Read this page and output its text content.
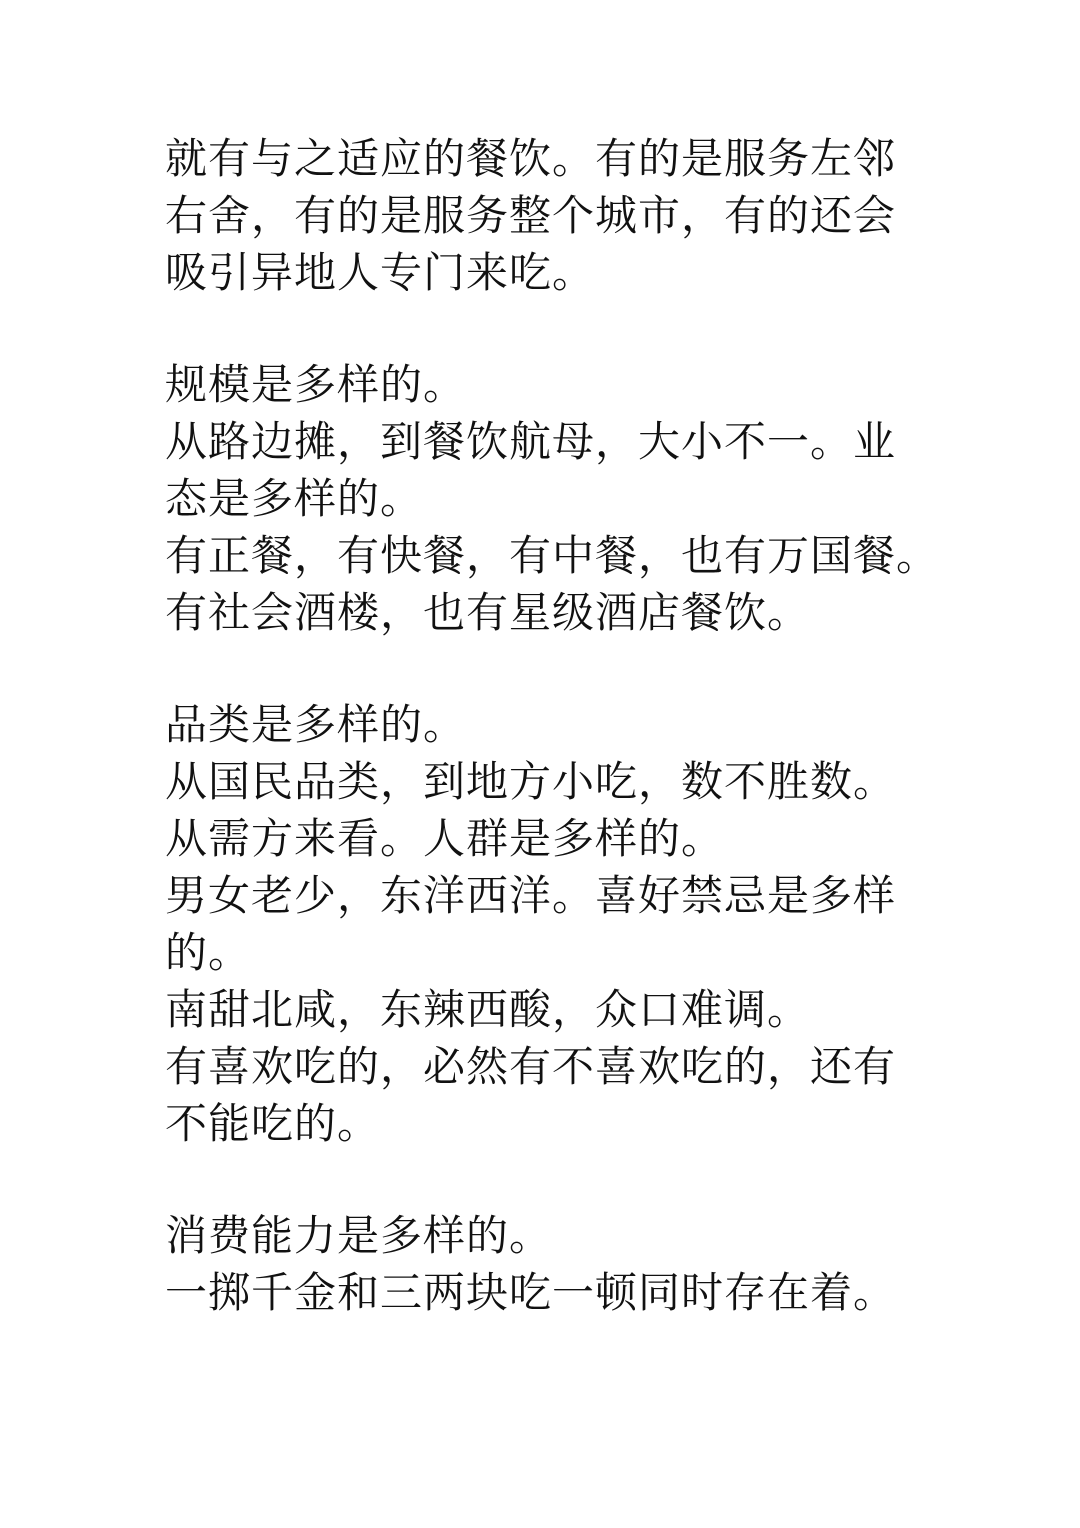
就有与之适应的餐饮。有的是服务左邻
右舍，有的是服务整个城市，有的还会
吸引异地人专门来吃。
规模是多样的。
从路边摊，到餐饮航母，大小不一。业
态是多样的。
有正餐，有快餐，有中餐，也有万国餐。
有社会酒楼，也有星级酒店餐饮。
品类是多样的。
从国民品类，到地方小吃，数不胜数。
从需方来看。人群是多样的。
男女老少，东洋西洋。喜好禁忌是多样
的。
南甜北咸，东辣西酸，众口难调。
有喜欢吃的，必然有不喜欢吃的，还有
不能吃的。
消费能力是多样的。
一掷千金和三两块吃一顿同时存在着。
